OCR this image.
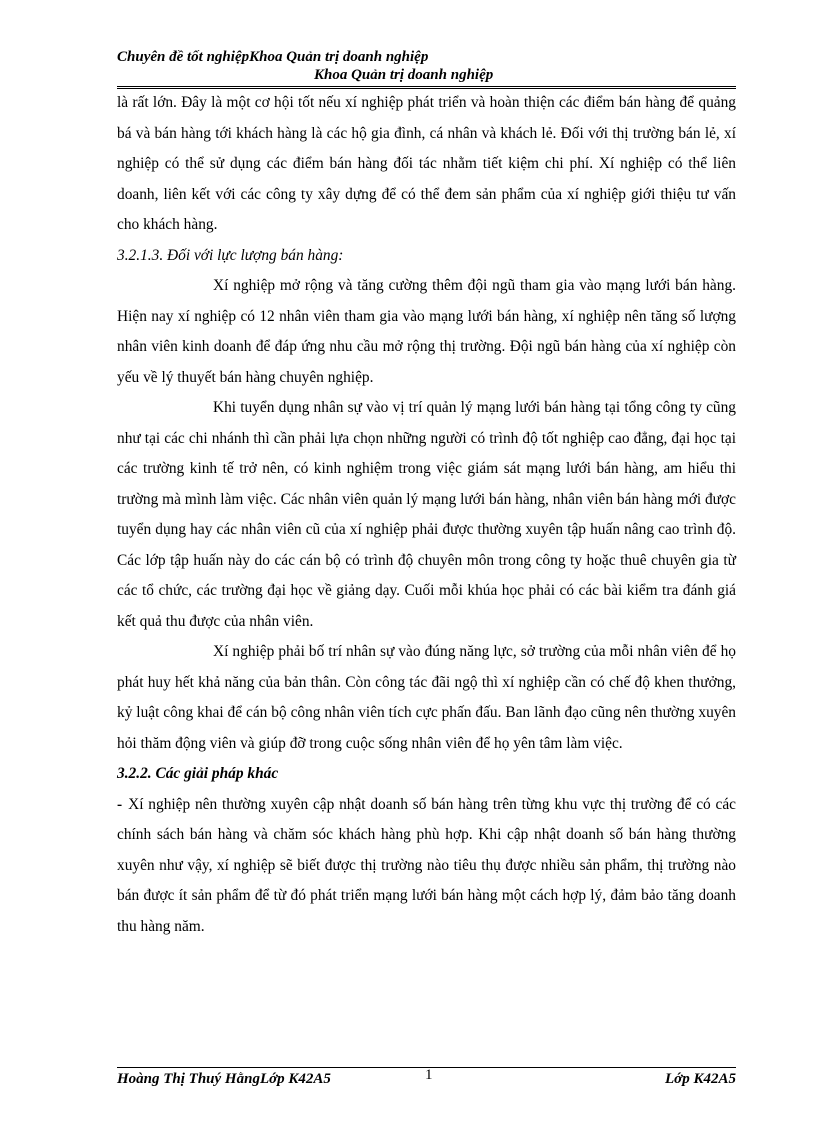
Chuyên đề tốt nghiệpKhoa Quản trị doanh nghiệp
Khoa Quản trị doanh nghiệp

là rất lớn. Đây là một cơ hội tốt nếu xí nghiệp phát triển và hoàn thiện các điểm bán hàng để quảng bá và bán hàng tới khách hàng là các hộ gia đình, cá nhân và khách lẻ. Đối với thị trường bán lẻ, xí nghiệp có thể sử dụng các điểm bán hàng đối tác nhằm tiết kiệm chi phí. Xí nghiệp có thể liên doanh, liên kết với các công ty xây dựng để có thể đem sản phẩm của xí nghiệp giới thiệu tư vấn cho khách hàng.

3.2.1.3. Đối với lực lượng bán hàng:

Xí nghiệp mở rộng và tăng cường thêm đội ngũ tham gia vào mạng lưới bán hàng. Hiện nay xí nghiệp có 12 nhân viên tham gia vào mạng lưới bán hàng, xí nghiệp nên tăng số lượng nhân viên kinh doanh để đáp ứng nhu cầu mở rộng thị trường. Đội ngũ bán hàng của xí nghiệp còn yếu về lý thuyết bán hàng chuyên nghiệp.

Khi tuyển dụng nhân sự vào vị trí quản lý mạng lưới bán hàng tại tổng công ty cũng như tại các chi nhánh thì cần phải lựa chọn những người có trình độ tốt nghiệp cao đẳng, đại học tại các trường kinh tế trở nên, có kinh nghiệm trong việc giám sát mạng lưới bán hàng, am hiểu thi trường mà mình làm việc. Các nhân viên quản lý mạng lưới bán hàng, nhân viên bán hàng mới được tuyển dụng hay các nhân viên cũ của xí nghiệp phải được thường xuyên tập huấn nâng cao trình độ. Các lớp tập huấn này do các cán bộ có trình độ chuyên môn trong công ty hoặc thuê chuyên gia từ các tổ chức, các trường đại học về giảng dạy. Cuối mỗi khúa học phải có các bài kiểm tra đánh giá kết quả thu được của nhân viên.

Xí nghiệp phải bố trí nhân sự vào đúng năng lực, sở trường của mỗi nhân viên để họ phát huy hết khả năng của bản thân. Còn công tác đãi ngộ thì xí nghiệp cần có chế độ khen thưởng, kỷ luật công khai để cán bộ công nhân viên tích cực phấn đấu. Ban lãnh đạo cũng nên thường xuyên hỏi thăm động viên và giúp đỡ trong cuộc sống nhân viên để họ yên tâm làm việc.

3.2.2. Các giải pháp khác

- Xí nghiệp nên thường xuyên cập nhật doanh số bán hàng trên từng khu vực thị trường để có các chính sách bán hàng và chăm sóc khách hàng phù hợp. Khi cập nhật doanh số bán hàng thường xuyên như vậy, xí nghiệp sẽ biết được thị trường nào tiêu thụ được nhiều sản phẩm, thị trường nào bán được ít sản phẩm để từ đó phát triển mạng lưới bán hàng một cách hợp lý, đảm bảo tăng doanh thu hàng năm.

Hoàng Thị Thuý HằngLớp K42A5	1	Lớp K42A5
